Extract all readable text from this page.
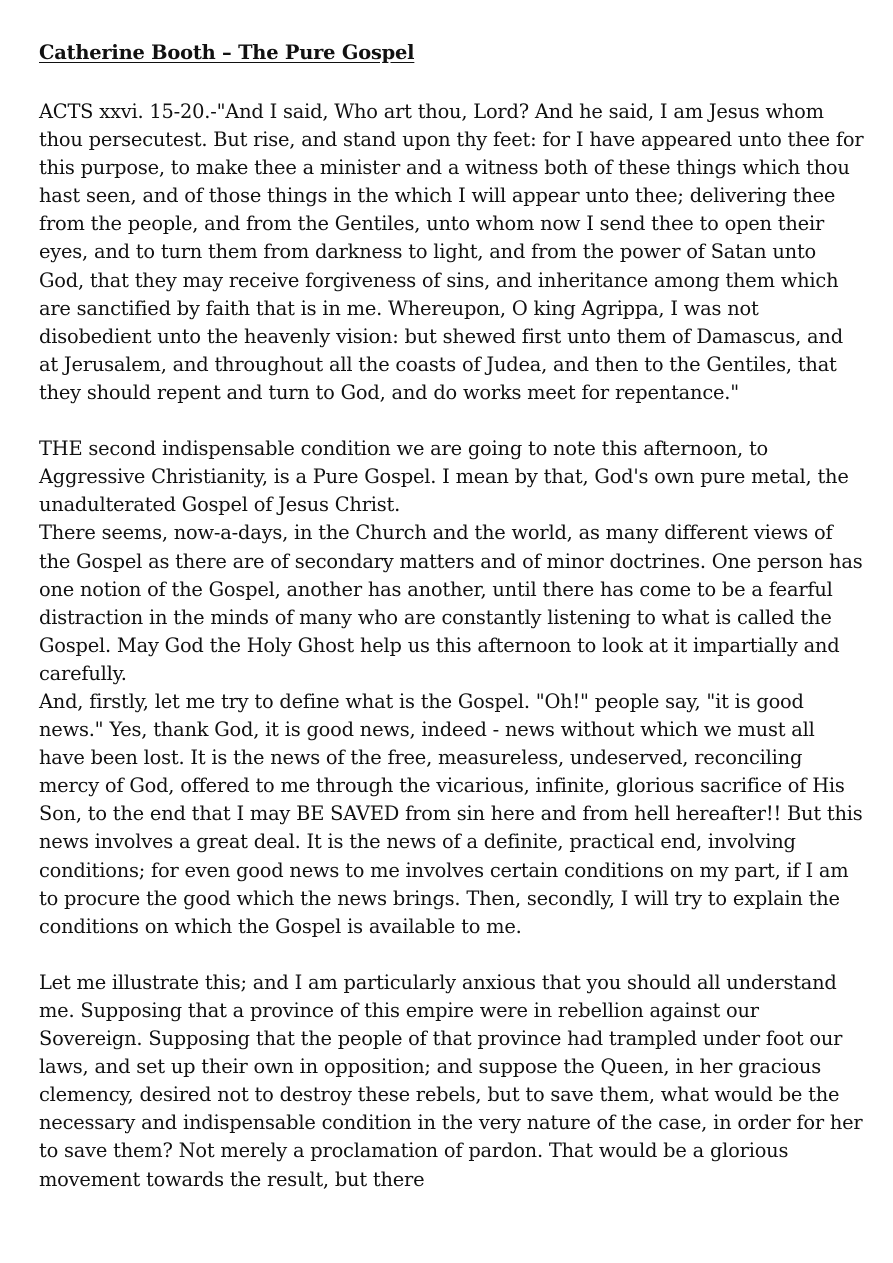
Catherine Booth – The Pure Gospel

ACTS xxvi. 15-20.-"And I said, Who art thou, Lord? And he said, I am Jesus whom thou persecutest. But rise, and stand upon thy feet: for I have appeared unto thee for this purpose, to make thee a minister and a witness both of these things which thou hast seen, and of those things in the which I will appear unto thee; delivering thee from the people, and from the Gentiles, unto whom now I send thee to open their eyes, and to turn them from darkness to light, and from the power of Satan unto God, that they may receive forgiveness of sins, and inheritance among them which are sanctified by faith that is in me. Whereupon, O king Agrippa, I was not disobedient unto the heavenly vision: but shewed first unto them of Damascus, and at Jerusalem, and throughout all the coasts of Judea, and then to the Gentiles, that they should repent and turn to God, and do works meet for repentance."

THE second indispensable condition we are going to note this afternoon, to Aggressive Christianity, is a Pure Gospel. I mean by that, God's own pure metal, the unadulterated Gospel of Jesus Christ.

There seems, now-a-days, in the Church and the world, as many different views of the Gospel as there are of secondary matters and of minor doctrines. One person has one notion of the Gospel, another has another, until there has come to be a fearful distraction in the minds of many who are constantly listening to what is called the Gospel. May God the Holy Ghost help us this afternoon to look at it impartially and carefully.

And, firstly, let me try to define what is the Gospel. "Oh!" people say, "it is good news." Yes, thank God, it is good news, indeed - news without which we must all have been lost. It is the news of the free, measureless, undeserved, reconciling mercy of God, offered to me through the vicarious, infinite, glorious sacrifice of His Son, to the end that I may BE SAVED from sin here and from hell hereafter!! But this news involves a great deal. It is the news of a definite, practical end, involving conditions; for even good news to me involves certain conditions on my part, if I am to procure the good which the news brings. Then, secondly, I will try to explain the conditions on which the Gospel is available to me.

Let me illustrate this; and I am particularly anxious that you should all understand me. Supposing that a province of this empire were in rebellion against our Sovereign. Supposing that the people of that province had trampled under foot our laws, and set up their own in opposition; and suppose the Queen, in her gracious clemency, desired not to destroy these rebels, but to save them, what would be the necessary and indispensable condition in the very nature of the case, in order for her to save them? Not merely a proclamation of pardon. That would be a glorious movement towards the result, but there
